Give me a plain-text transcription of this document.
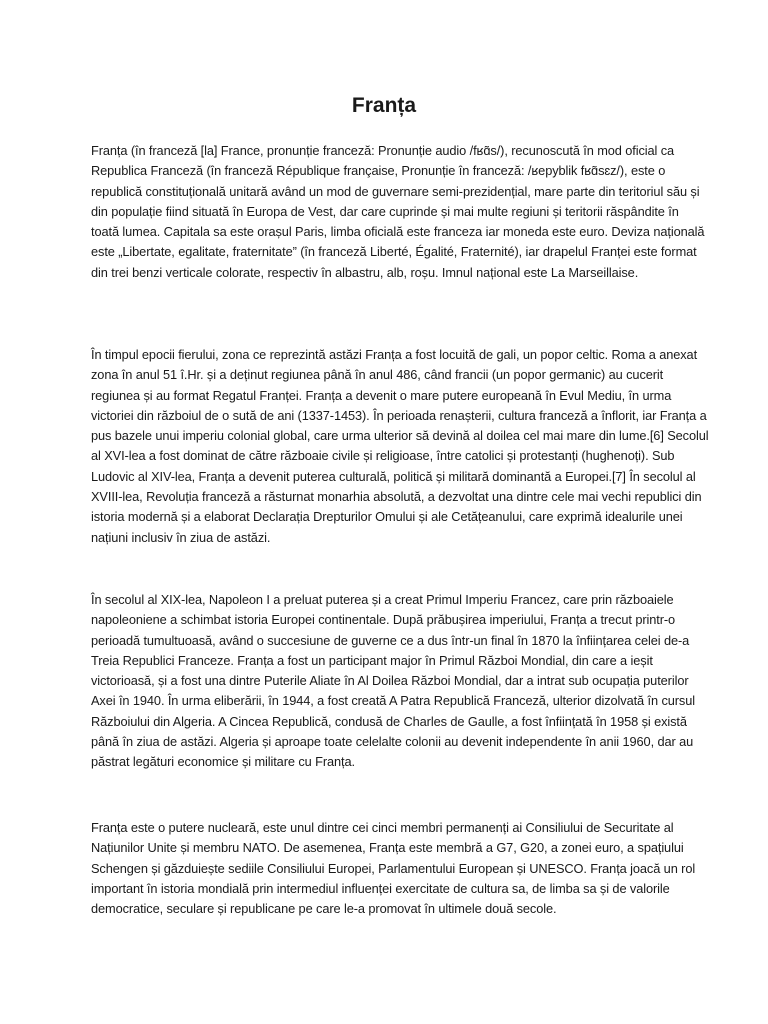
Franța

Franța (în franceză [la] France, pronunție franceză: Pronunție audio /fʁɑ̃s/), recunoscută în mod oficial ca Republica Franceză (în franceză République française, Pronunție în franceză: /ʁepyblik fʁɑ̃sɛz/), este o republică constituțională unitară având un mod de guvernare semi-prezidențial, mare parte din teritoriul său și din populație fiind situată în Europa de Vest, dar care cuprinde și mai multe regiuni și teritorii răspândite în toată lumea. Capitala sa este orașul Paris, limba oficială este franceza iar moneda este euro. Deviza națională este „Libertate, egalitate, fraternitate” (în franceză Liberté, Égalité, Fraternité), iar drapelul Franței este format din trei benzi verticale colorate, respectiv în albastru, alb, roșu. Imnul național este La Marseillaise.

În timpul epocii fierului, zona ce reprezintă astăzi Franța a fost locuită de gali, un popor celtic. Roma a anexat zona în anul 51 î.Hr. și a deținut regiunea până în anul 486, când francii (un popor germanic) au cucerit regiunea și au format Regatul Franței. Franța a devenit o mare putere europeană în Evul Mediu, în urma victoriei din războiul de o sută de ani (1337-1453). În perioada renașterii, cultura franceză a înflorit, iar Franța a pus bazele unui imperiu colonial global, care urma ulterior să devină al doilea cel mai mare din lume.[6] Secolul al XVI-lea a fost dominat de către războaie civile și religioase, între catolici și protestanți (hughenoți). Sub Ludovic al XIV-lea, Franța a devenit puterea culturală, politică și militară dominantă a Europei.[7] În secolul al XVIII-lea, Revoluția franceză a răsturnat monarhia absolută, a dezvoltat una dintre cele mai vechi republici din istoria modernă și a elaborat Declarația Drepturilor Omului și ale Cetățeanului, care exprimă idealurile unei națiuni inclusiv în ziua de astăzi.

În secolul al XIX-lea, Napoleon I a preluat puterea și a creat Primul Imperiu Francez, care prin războaiele napoleoniene a schimbat istoria Europei continentale. După prăbușirea imperiului, Franța a trecut printr-o perioadă tumultuoasă, având o succesiune de guverne ce a dus într-un final în 1870 la înființarea celei de-a Treia Republici Franceze. Franța a fost un participant major în Primul Război Mondial, din care a ieșit victorioasă, și a fost una dintre Puterile Aliate în Al Doilea Război Mondial, dar a intrat sub ocupația puterilor Axei în 1940. În urma eliberării, în 1944, a fost creată A Patra Republică Franceză, ulterior dizolvată în cursul Războiului din Algeria. A Cincea Republică, condusă de Charles de Gaulle, a fost înființată în 1958 și există până în ziua de astăzi. Algeria și aproape toate celelalte colonii au devenit independente în anii 1960, dar au păstrat legături economice și militare cu Franța.

Franța este o putere nucleară, este unul dintre cei cinci membri permanenți ai Consiliului de Securitate al Națiunilor Unite și membru NATO. De asemenea, Franța este membră a G7, G20, a zonei euro, a spațiului Schengen și găzduiește sediile Consiliului Europei, Parlamentului European și UNESCO. Franța joacă un rol important în istoria mondială prin intermediul influenței exercitate de cultura sa, de limba sa și de valorile democratice, seculare și republicane pe care le-a promovat în ultimele două secole.
